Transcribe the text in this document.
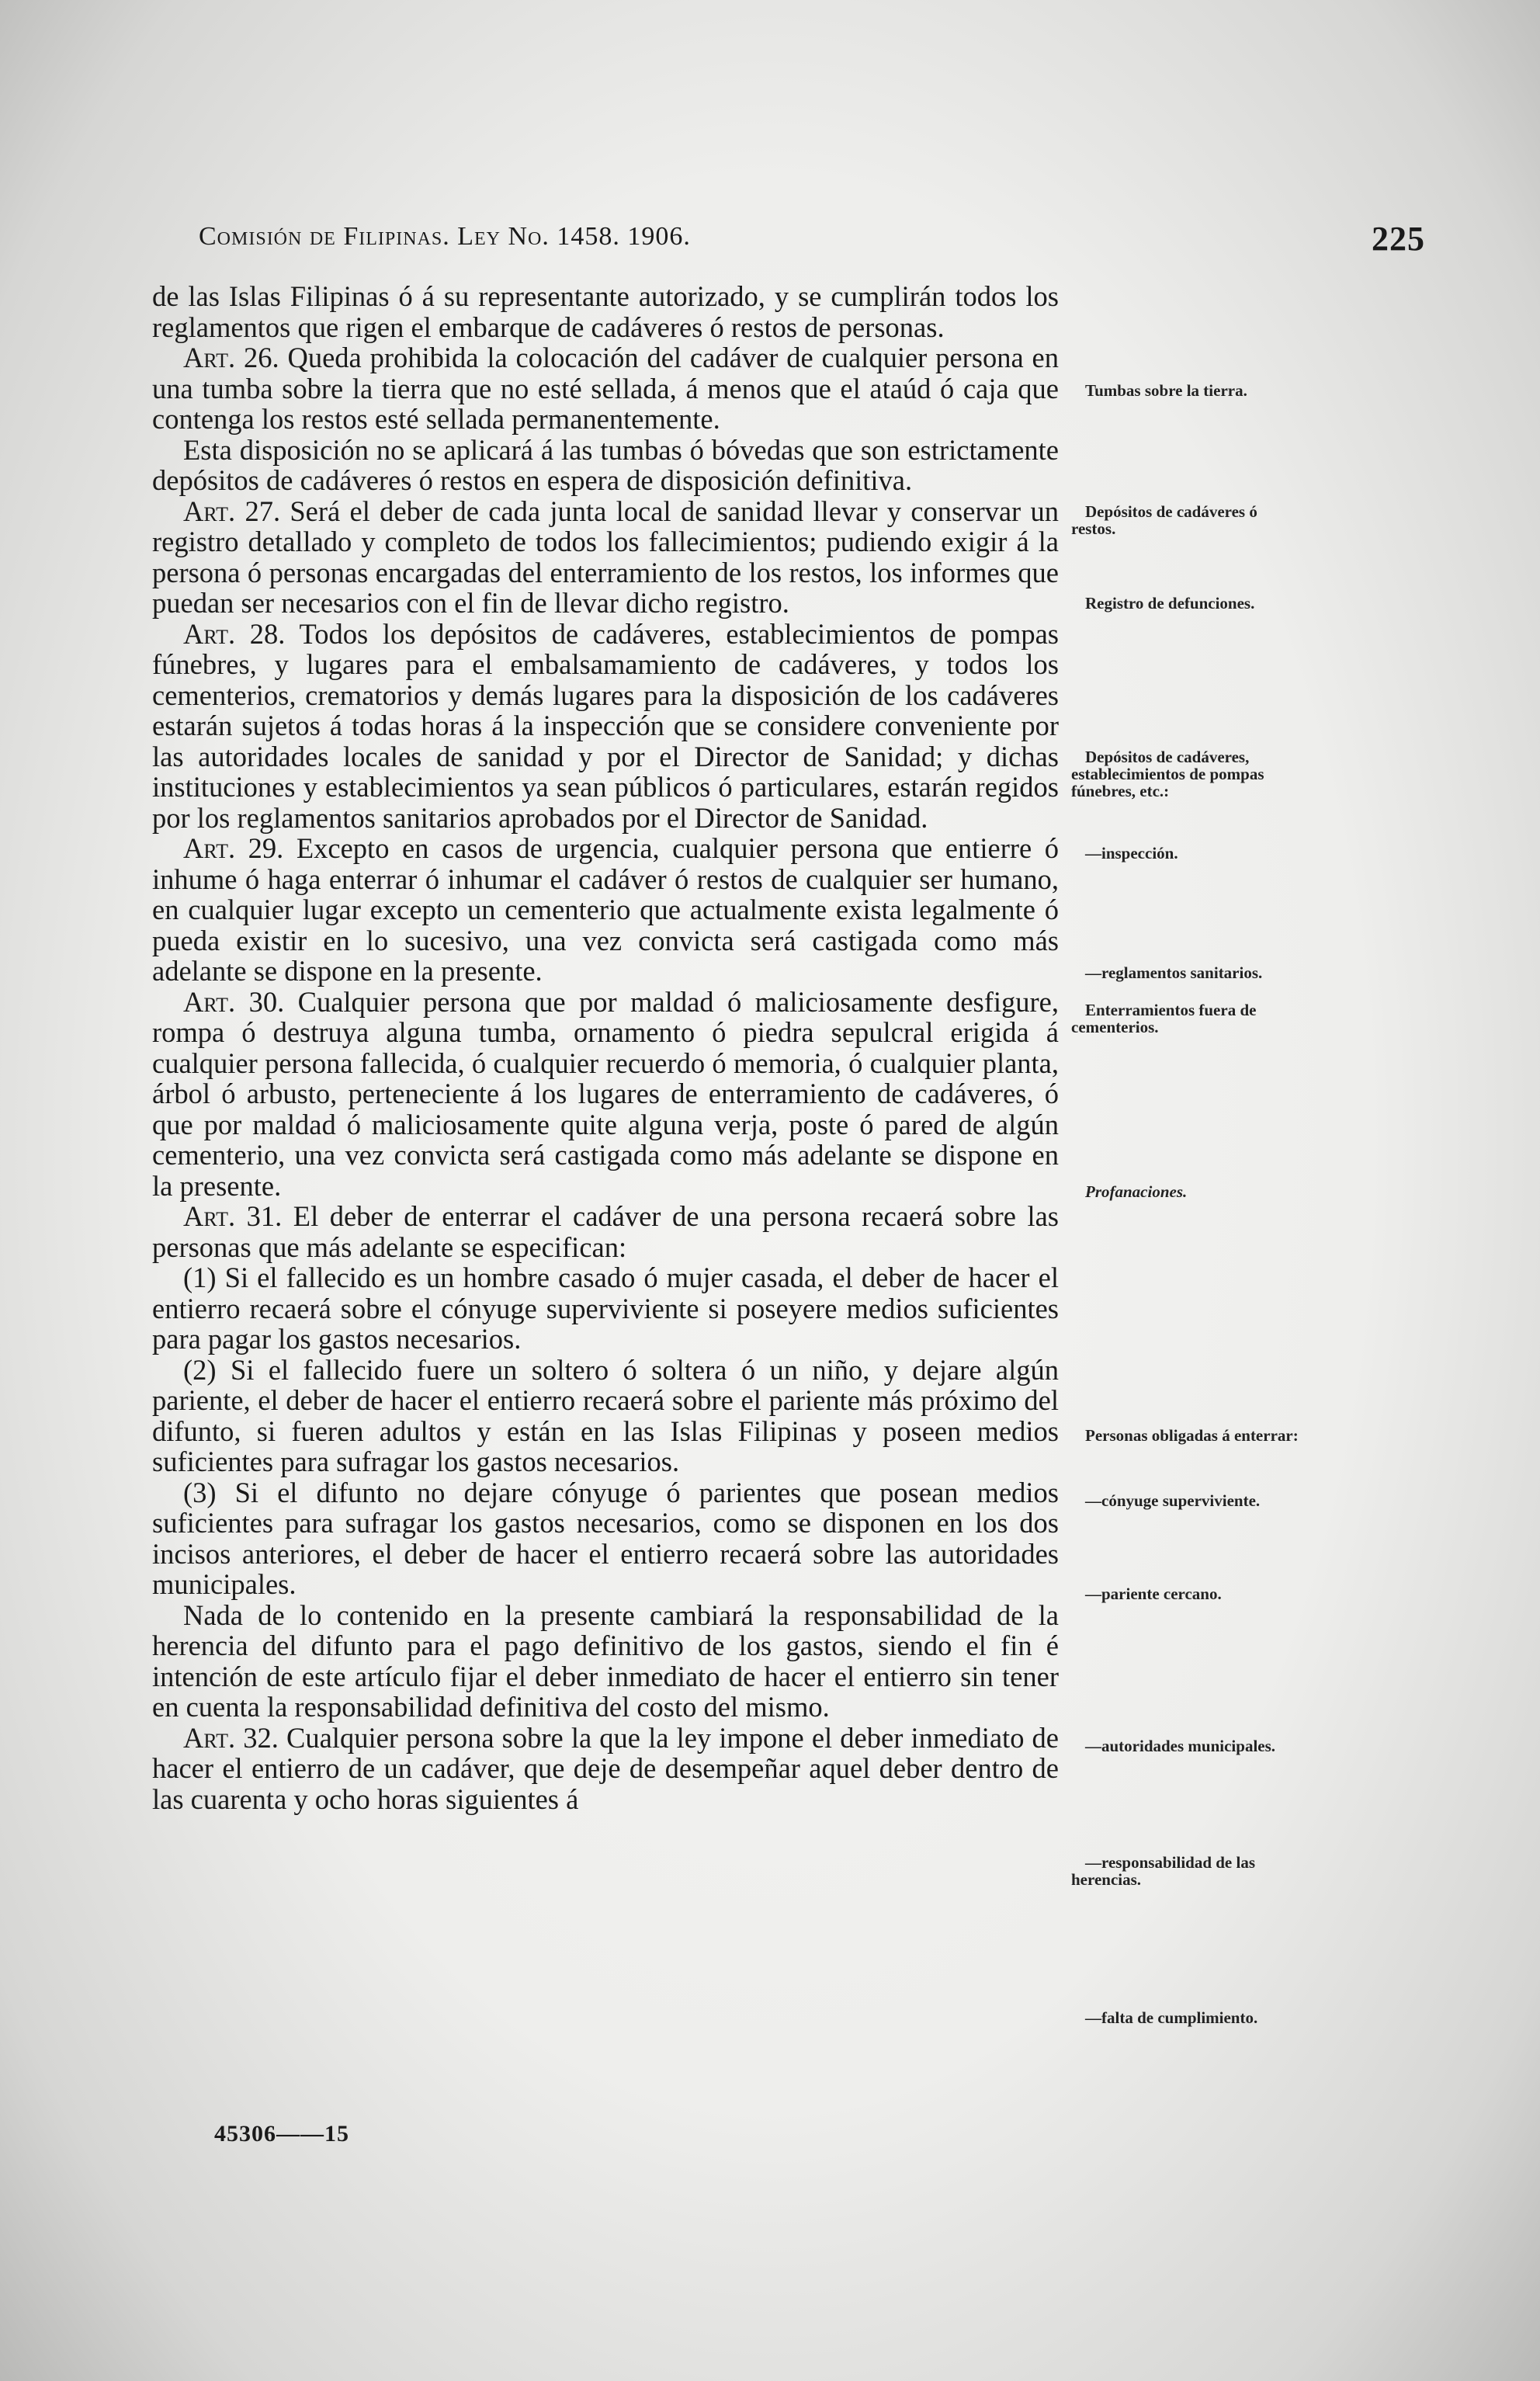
Comisión de Filipinas. Ley No. 1458. 1906.	225

de las Islas Filipinas ó á su representante autorizado, y se cumplirán todos los reglamentos que rigen el embarque de cadáveres ó restos de personas.

Art. 26. Queda prohibida la colocación del cadáver de cualquier persona en una tumba sobre la tierra que no esté sellada, á menos que el ataúd ó caja que contenga los restos esté sellada permanentemente.

Esta disposición no se aplicará á las tumbas ó bóvedas que son estrictamente depósitos de cadáveres ó restos en espera de disposición definitiva.

Art. 27. Será el deber de cada junta local de sanidad llevar y conservar un registro detallado y completo de todos los fallecimientos; pudiendo exigir á la persona ó personas encargadas del enterramiento de los restos, los informes que puedan ser necesarios con el fin de llevar dicho registro.

Art. 28. Todos los depósitos de cadáveres, establecimientos de pompas fúnebres, y lugares para el embalsamamiento de cadáveres, y todos los cementerios, crematorios y demás lugares para la disposición de los cadáveres estarán sujetos á todas horas á la inspección que se considere conveniente por las autoridades locales de sanidad y por el Director de Sanidad; y dichas instituciones y establecimientos ya sean públicos ó particulares, estarán regidos por los reglamentos sanitarios aprobados por el Director de Sanidad.

Art. 29. Excepto en casos de urgencia, cualquier persona que entierre ó inhume ó haga enterrar ó inhumar el cadáver ó restos de cualquier ser humano, en cualquier lugar excepto un cementerio que actualmente exista legalmente ó pueda existir en lo sucesivo, una vez convicta será castigada como más adelante se dispone en la presente.

Art. 30. Cualquier persona que por maldad ó maliciosamente desfigure, rompa ó destruya alguna tumba, ornamento ó piedra sepulcral erigida á cualquier persona fallecida, ó cualquier recuerdo ó memoria, ó cualquier planta, árbol ó arbusto, perteneciente á los lugares de enterramiento de cadáveres, ó que por maldad ó maliciosamente quite alguna verja, poste ó pared de algún cementerio, una vez convicta será castigada como más adelante se dispone en la presente.

Art. 31. El deber de enterrar el cadáver de una persona recaerá sobre las personas que más adelante se especifican:

(1) Si el fallecido es un hombre casado ó mujer casada, el deber de hacer el entierro recaerá sobre el cónyuge superviviente si poseyere medios suficientes para pagar los gastos necesarios.

(2) Si el fallecido fuere un soltero ó soltera ó un niño, y dejare algún pariente, el deber de hacer el entierro recaerá sobre el pariente más próximo del difunto, si fueren adultos y están en las Islas Filipinas y poseen medios suficientes para sufragar los gastos necesarios.

(3) Si el difunto no dejare cónyuge ó parientes que posean medios suficientes para sufragar los gastos necesarios, como se disponen en los dos incisos anteriores, el deber de hacer el entierro recaerá sobre las autoridades municipales.

Nada de lo contenido en la presente cambiará la responsabilidad de la herencia del difunto para el pago definitivo de los gastos, siendo el fin é intención de este artículo fijar el deber inmediato de hacer el entierro sin tener en cuenta la responsabilidad definitiva del costo del mismo.

Art. 32. Cualquier persona sobre la que la ley impone el deber inmediato de hacer el entierro de un cadáver, que deje de desempeñar aquel deber dentro de las cuarenta y ocho horas siguientes á

Tumbas sobre la tierra.
Depósitos de cadáveres ó restos.
Registro de defunciones.
Depósitos de cadáveres, establecimientos de pompas fúnebres, etc.:
—inspección.
—reglamentos sanitarios.
Enterramientos fuera de cementerios.
Profanaciones.
Personas obligadas á enterrar:
—cónyuge superviviente.
—pariente cercano.
—autoridades municipales.
—responsabilidad de las herencias.
—falta de cumplimiento.
45306——15
